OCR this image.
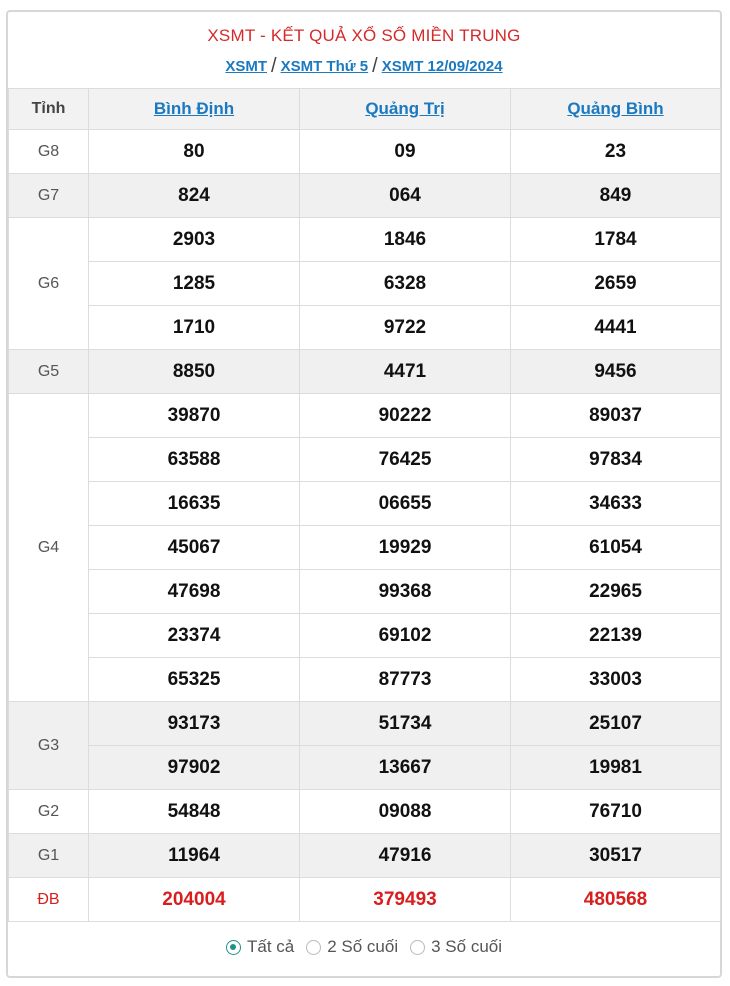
XSMT - KẾT QUẢ XỔ SỐ MIỀN TRUNG
XSMT / XSMT Thứ 5 / XSMT 12/09/2024
Tỉnh	Bình Định	Quảng Trị	Quảng Bình
G8	80	09	23
G7	824	064	849
G6	2903	1846	1784
	1285	6328	2659
	1710	9722	4441
G5	8850	4471	9456
G4	39870	90222	89037
	63588	76425	97834
	16635	06655	34633
	45067	19929	61054
	47698	99368	22965
	23374	69102	22139
	65325	87773	33003
G3	93173	51734	25107
	97902	13667	19981
G2	54848	09088	76710
G1	11964	47916	30517
ĐB	204004	379493	480568
Tất cả 2 Số cuối 3 Số cuối
